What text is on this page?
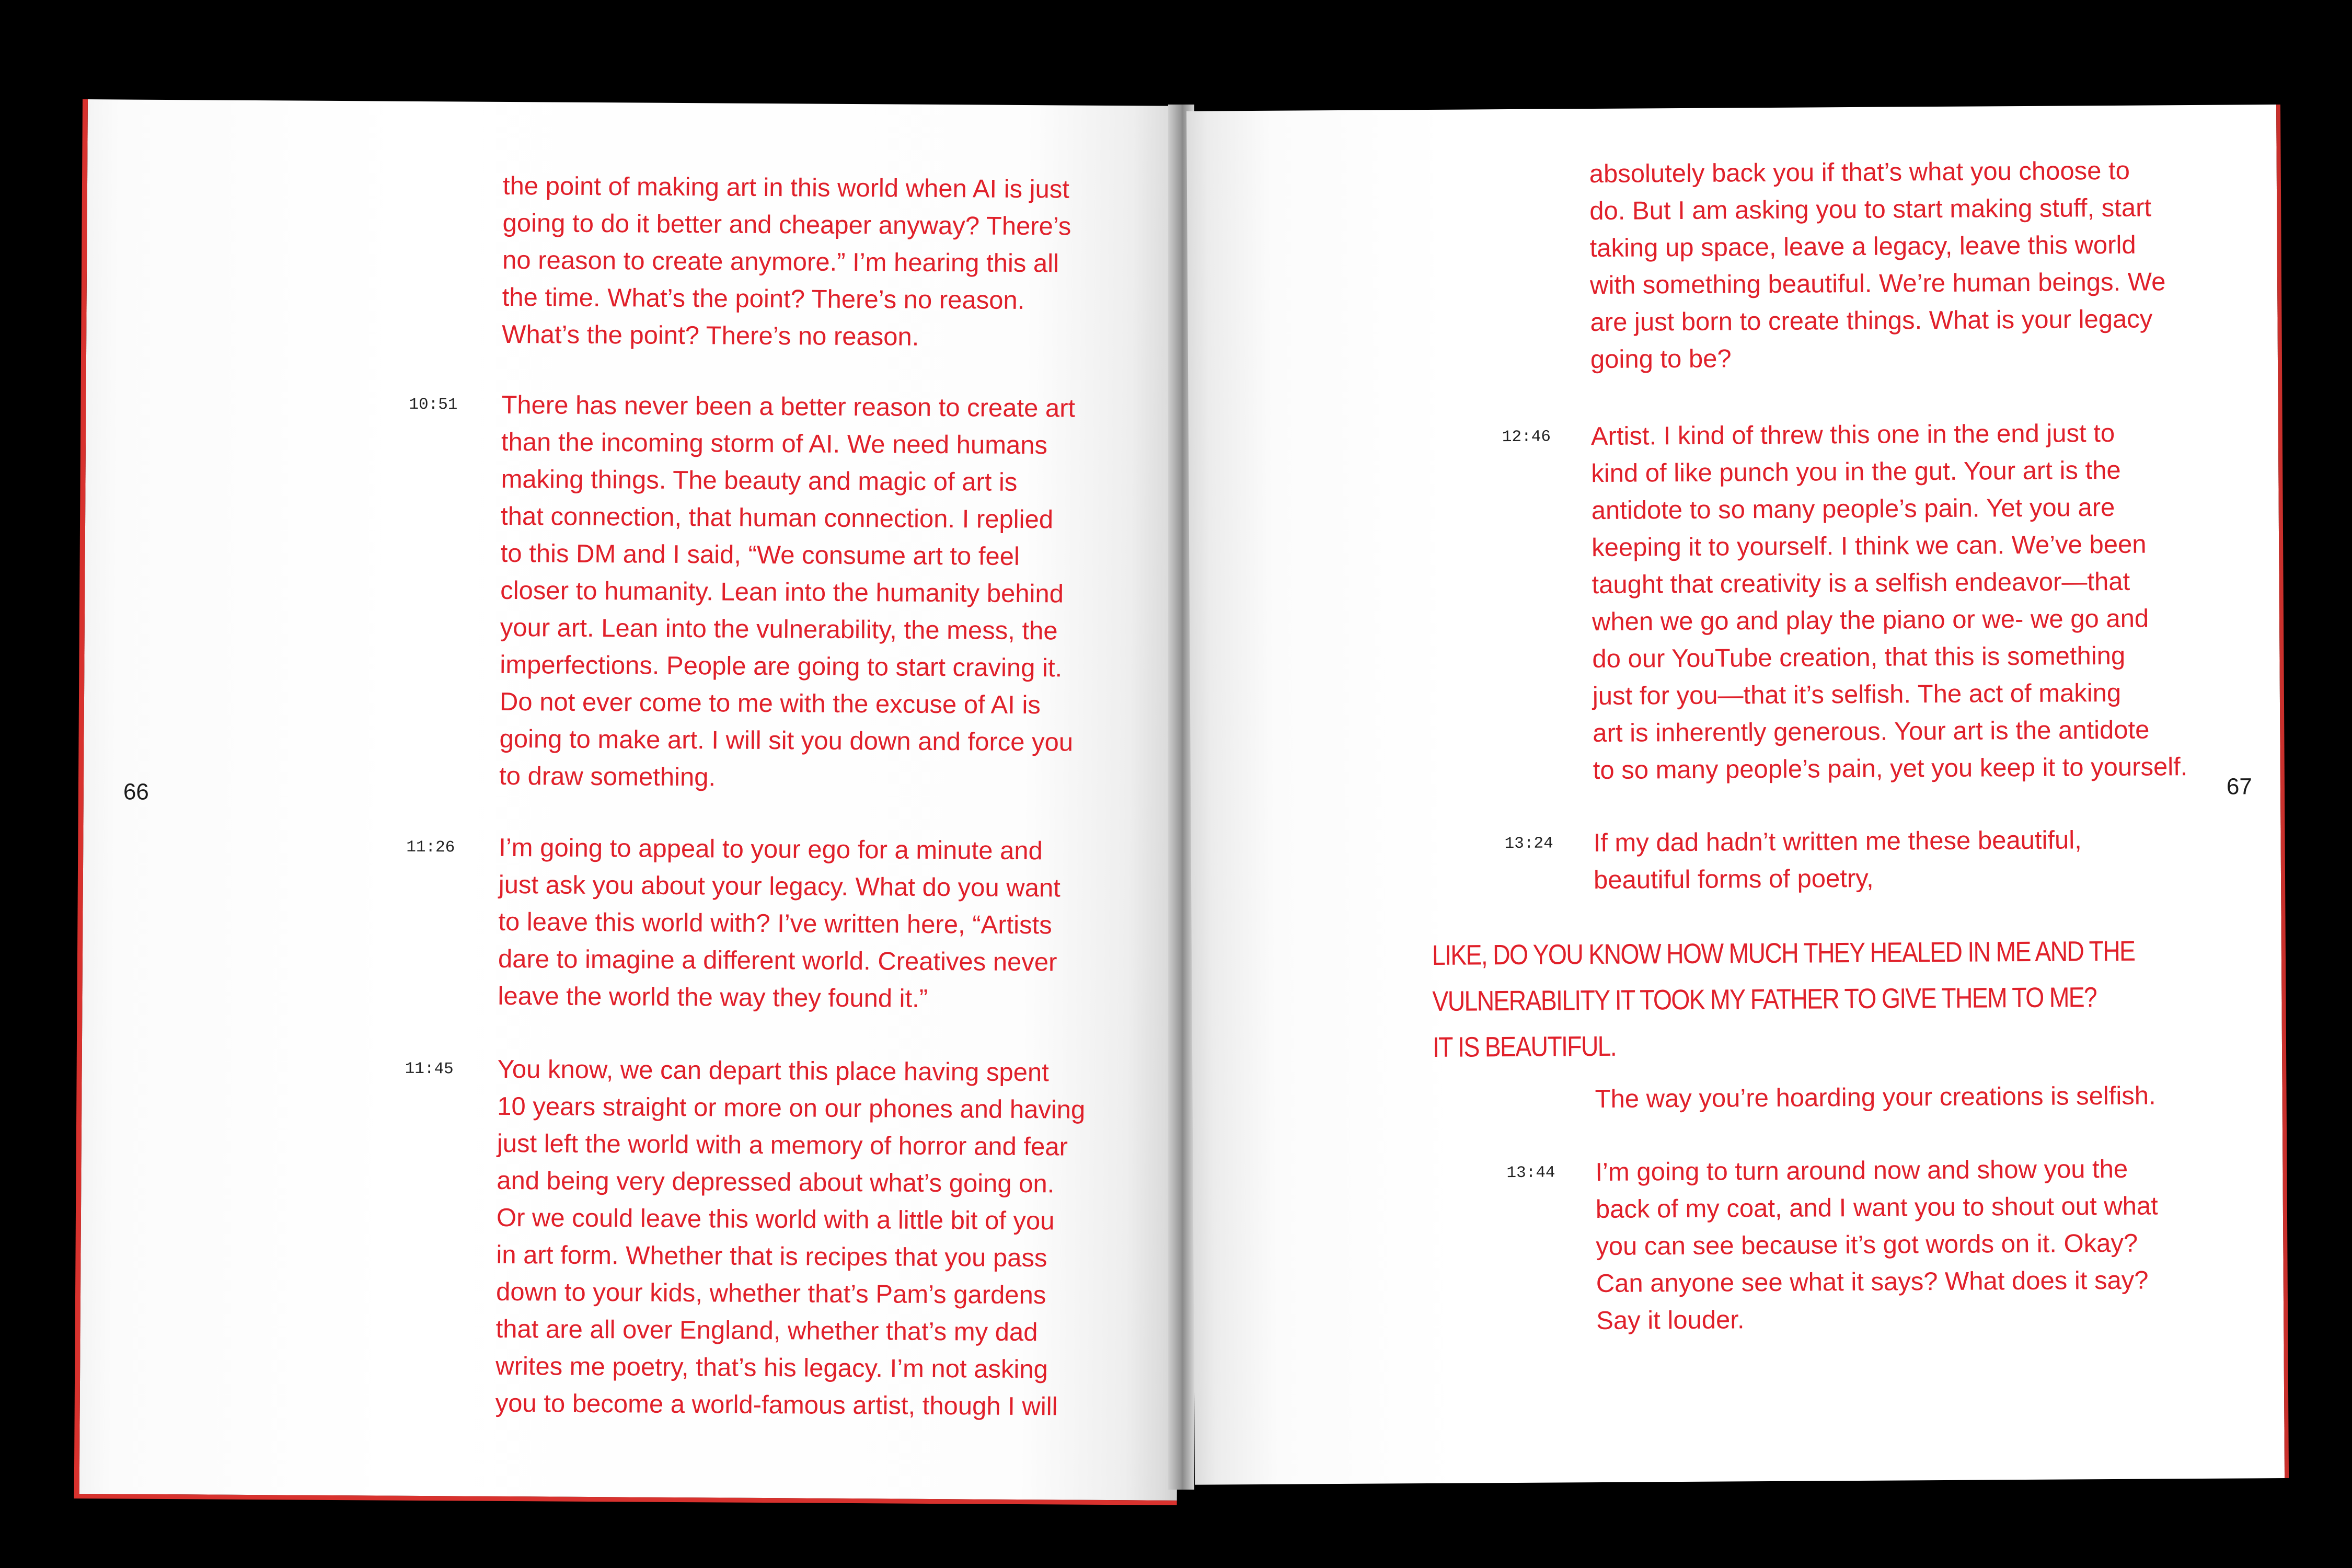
the point of making art in this world when AI is just
going to do it better and cheaper anyway? There’s
no reason to create anymore.” I’m hearing this all
the time. What’s the point? There’s no reason.
What’s the point? There’s no reason.

10:51 There has never been a better reason to create art
than the incoming storm of AI. We need humans
making things. The beauty and magic of art is
that connection, that human connection. I replied
to this DM and I said, “We consume art to feel
closer to humanity. Lean into the humanity behind
your art. Lean into the vulnerability, the mess, the
imperfections. People are going to start craving it.
Do not ever come to me with the excuse of AI is
going to make art. I will sit you down and force you
to draw something.

66
11:26 I’m going to appeal to your ego for a minute and
just ask you about your legacy. What do you want
to leave this world with? I’ve written here, “Artists
dare to imagine a different world. Creatives never
leave the world the way they found it.”

11:45 You know, we can depart this place having spent
10 years straight or more on our phones and having
just left the world with a memory of horror and fear
and being very depressed about what’s going on.
Or we could leave this world with a little bit of you
in art form. Whether that is recipes that you pass
down to your kids, whether that’s Pam’s gardens
that are all over England, whether that’s my dad
writes me poetry, that’s his legacy. I’m not asking
you to become a world-famous artist, though I will

absolutely back you if that’s what you choose to
do. But I am asking you to start making stuff, start
taking up space, leave a legacy, leave this world
with something beautiful. We’re human beings. We
are just born to create things. What is your legacy
going to be?

12:46 Artist. I kind of threw this one in the end just to
kind of like punch you in the gut. Your art is the
antidote to so many people’s pain. Yet you are
keeping it to yourself. I think we can. We’ve been
taught that creativity is a selfish endeavor—that
when we go and play the piano or we- we go and
do our YouTube creation, that this is something
just for you—that it’s selfish. The act of making
art is inherently generous. Your art is the antidote
to so many people’s pain, yet you keep it to yourself.

67
13:24 If my dad hadn’t written me these beautiful,
beautiful forms of poetry,

LIKE, DO YOU KNOW HOW MUCH THEY HEALED IN ME AND THE
VULNERABILITY IT TOOK MY FATHER TO GIVE THEM TO ME?
IT IS BEAUTIFUL.

The way you’re hoarding your creations is selfish.

13:44 I’m going to turn around now and show you the
back of my coat, and I want you to shout out what
you can see because it’s got words on it. Okay?
Can anyone see what it says? What does it say?
Say it louder.
